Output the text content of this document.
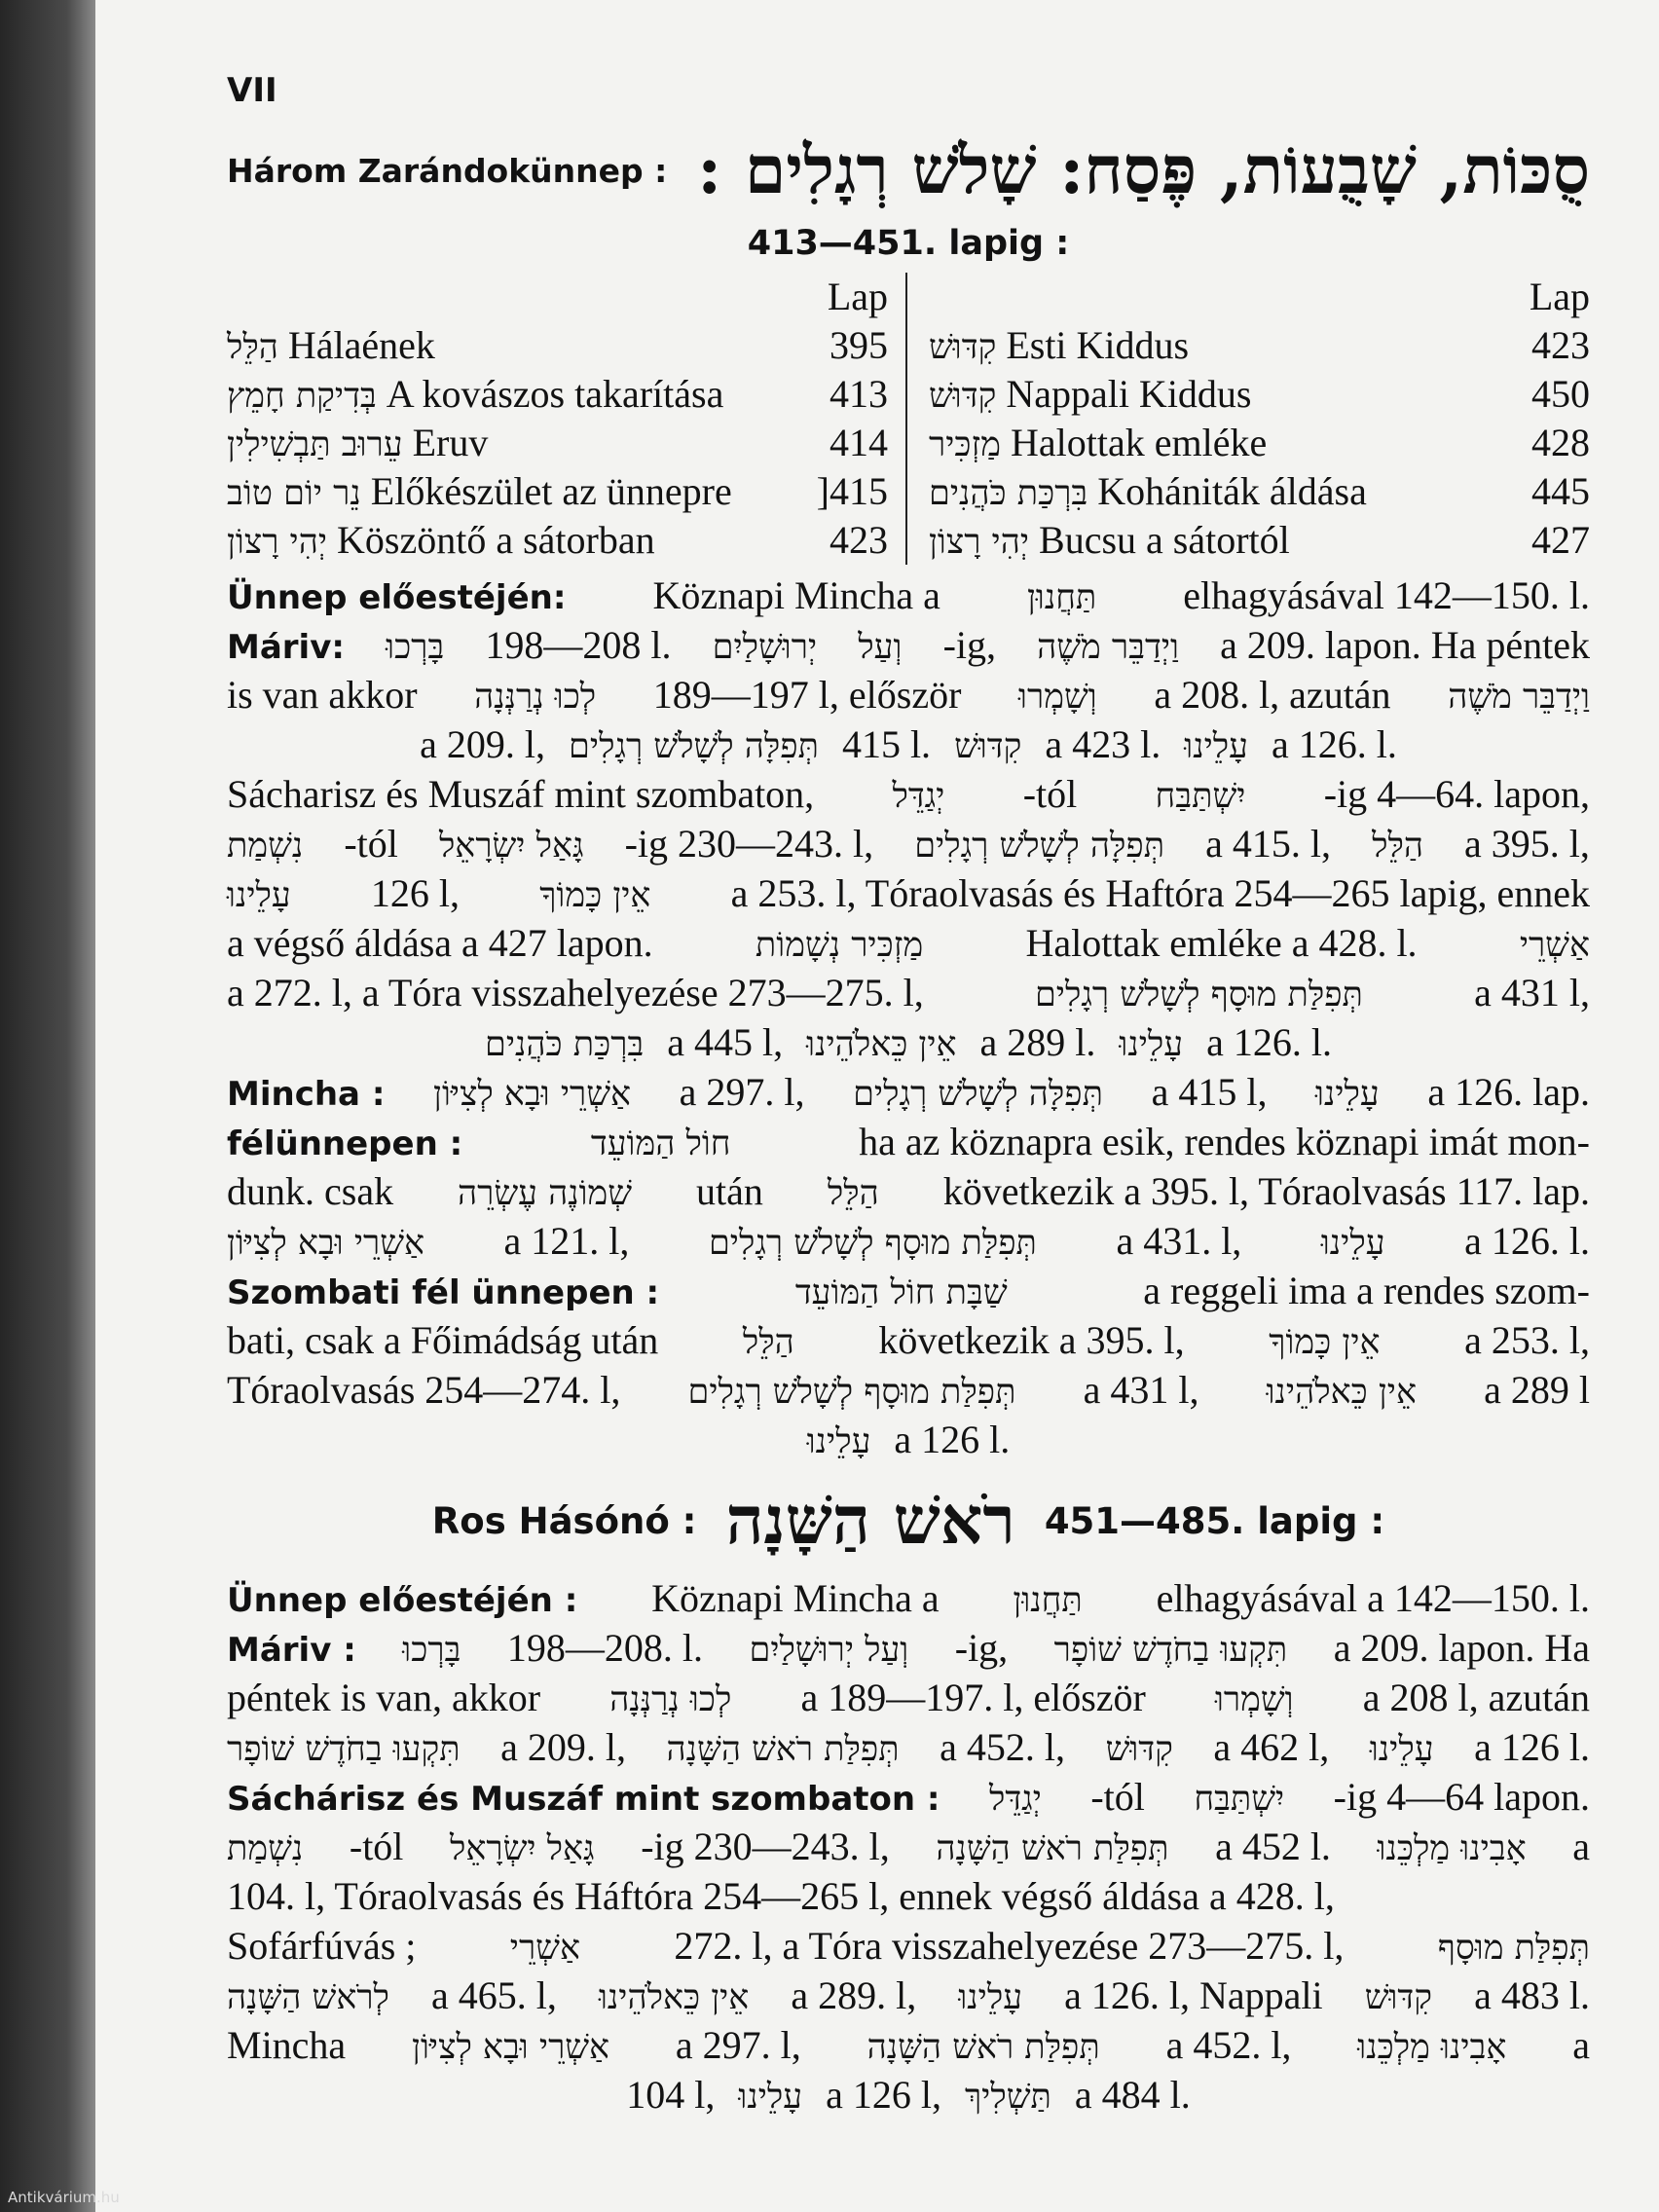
VII
Három Zarándokünnep : סֻכּוֹת, שָׁבֻעוֹת, פֶּסַח: שָׁלֹשׁ רְגָלִים :
413—451. lapig :
Lap
הַלֵּל Hálaének	395
בְּדִיקַת חָמֵץ A kovászos takarítása	413
עֵרוּב תַּבְשִׁילִין Eruv	414
נֵר יוֹם טוֹב Előkészület az ünnepre	]415
יְהִי רָצוֹן Köszöntő a sátorban	423
Lap
קִדּוּשׁ Esti Kiddus	423
קִדּוּשׁ Nappali Kiddus	450
מַזְכִּיר Halottak emléke	428
בִּרְכַּת כֹּהֲנִים Kohániták áldása	445
יְהִי רָצוֹן Bucsu a sátortól	427
Ünnep előestéjén: Köznapi Mincha a	תַּחֲנוּן elhagyásával 142—150. l.
Máriv: בָּרְכוּ 198—208 l. יְרוּשָׁלַיִם וְעַל -ig, וַיְדַבֵּר מֹשֶׁה a 209. lapon. Ha péntek
is van akkor לְכוּ נְרַנְּנָה 189—197 l, először וְשָׁמְרוּ a 208. l, azután וַיְדַבֵּר מֹשֶׁה
a 209. l, תְּפִלָּה לְשָׁלֹשׁ רְגָלִים 415 l. קִדּוּשׁ a 423 l. עָלֵינוּ a 126. l.
Sácharisz és Muszáf mint szombaton, יְגַדֵּל -tól יִשְׁתַּבַּח -ig 4—64. lapon,
נִשְׁמַת -tól גָּאַל יִשְׂרָאֵל -ig 230—243. l, תְּפִלָּה לְשָׁלֹשׁ רְגָלִים a 415. l, הַלֵּל a 395. l,
עָלֵינוּ 126 l, אֵין כָּמוֹךָ a 253. l, Tóraolvasás és Haftóra 254—265 lapig, ennek
a végső áldása a 427 lapon.	מַזְכִּיר נְשָׁמוֹת	Halottak emléke a 428. l.	אַשְׁרֵי
a 272. l, a Tóra visszahelyezése 273—275. l,	תְּפִלַּת מוּסָף לְשָׁלֹשׁ רְגָלִים	a 431 l,
בִּרְכַּת כֹּהֲנִים a 445 l, אֵין כֵּאלֹהֵינוּ a 289 l. עָלֵינוּ a 126. l.
Mincha : אַשְׁרֵי וּבָא לְצִיּוֹן a 297. l, תְּפִלָּה לְשָׁלֹשׁ רְגָלִים a 415 l, עָלֵינוּ a 126. lap.
félünnepen :	חוֹל הַמּוֹעֵד	ha az köznapra esik, rendes köznapi imát mon-
dunk. csak שְׁמוֹנֶה עֶשְׂרֵה után הַלֵּל következik a 395. l, Tóraolvasás 117. lap.
אַשְׁרֵי וּבָא לְצִיּוֹן a 121. l, תְּפִלַּת מוּסָף לְשָׁלֹשׁ רְגָלִים a 431. l, עָלֵינוּ a 126. l.
Szombati fél ünnepen :	שַׁבָּת חוֹל הַמּוֹעֵד	a reggeli ima a rendes szom-
bati, csak a Főimádság után הַלֵּל következik a 395. l, אֵין כָּמוֹךָ a 253. l,
Tóraolvasás 254—274. l, תְּפִלַּת מוּסָף לְשָׁלֹשׁ רְגָלִים a 431 l, אֵין כֵּאלֹהֵינוּ a 289 l
עָלֵינוּ a 126 l.
Ros Hásónó : רֹאשׁ הַשָּׁנָה 451—485. lapig :
Ünnep előestéjén : Köznapi Mincha a תַּחֲנוּן elhagyásával a 142—150. l.
Máriv : בָּרְכוּ 198—208. l. וְעַל יְרוּשָׁלַיִם -ig, תִּקְעוּ בַחֹדֶשׁ שׁוֹפָר a 209. lapon. Ha
péntek is van, akkor לְכוּ נְרַנְּנָה a 189—197. l, először וְשָׁמְרוּ a 208 l, azután
תִּקְעוּ בַחֹדֶשׁ שׁוֹפָר a 209. l, תְּפִלַּת רֹאשׁ הַשָּׁנָה a 452. l, קִדּוּשׁ a 462 l, עָלֵינוּ a 126 l.
Sáchárisz és Muszáf mint szombaton : יְגַדֵּל -tól יִשְׁתַּבַּח -ig 4—64 lapon.
נִשְׁמַת -tól גָּאַל יִשְׂרָאֵל -ig 230—243. l, תְּפִלַּת רֹאשׁ הַשָּׁנָה a 452 l. אָבִינוּ מַלְכֵּנוּ a
104. l, Tóraolvasás és Háftóra 254—265 l, ennek végső áldása a 428. l,
Sofárfúvás ;	אַשְׁרֵי 272. l, a Tóra visszahelyezése 273—275. l,	תְּפִלַּת מוּסָף
לְרֹאשׁ הַשָּׁנָה a 465. l, אֵין כֵּאלֹהֵינוּ a 289. l, עָלֵינוּ a 126. l, Nappali קִדּוּשׁ a 483 l.
Mincha אַשְׁרֵי וּבָא לְצִיּוֹן a 297. l, תְּפִלַּת רֹאשׁ הַשָּׁנָה a 452. l, אָבִינוּ מַלְכֵּנוּ a
104 l, עָלֵינוּ a 126 l, תַּשְׁלִיךְ a 484 l.
Antikvárium.hu
